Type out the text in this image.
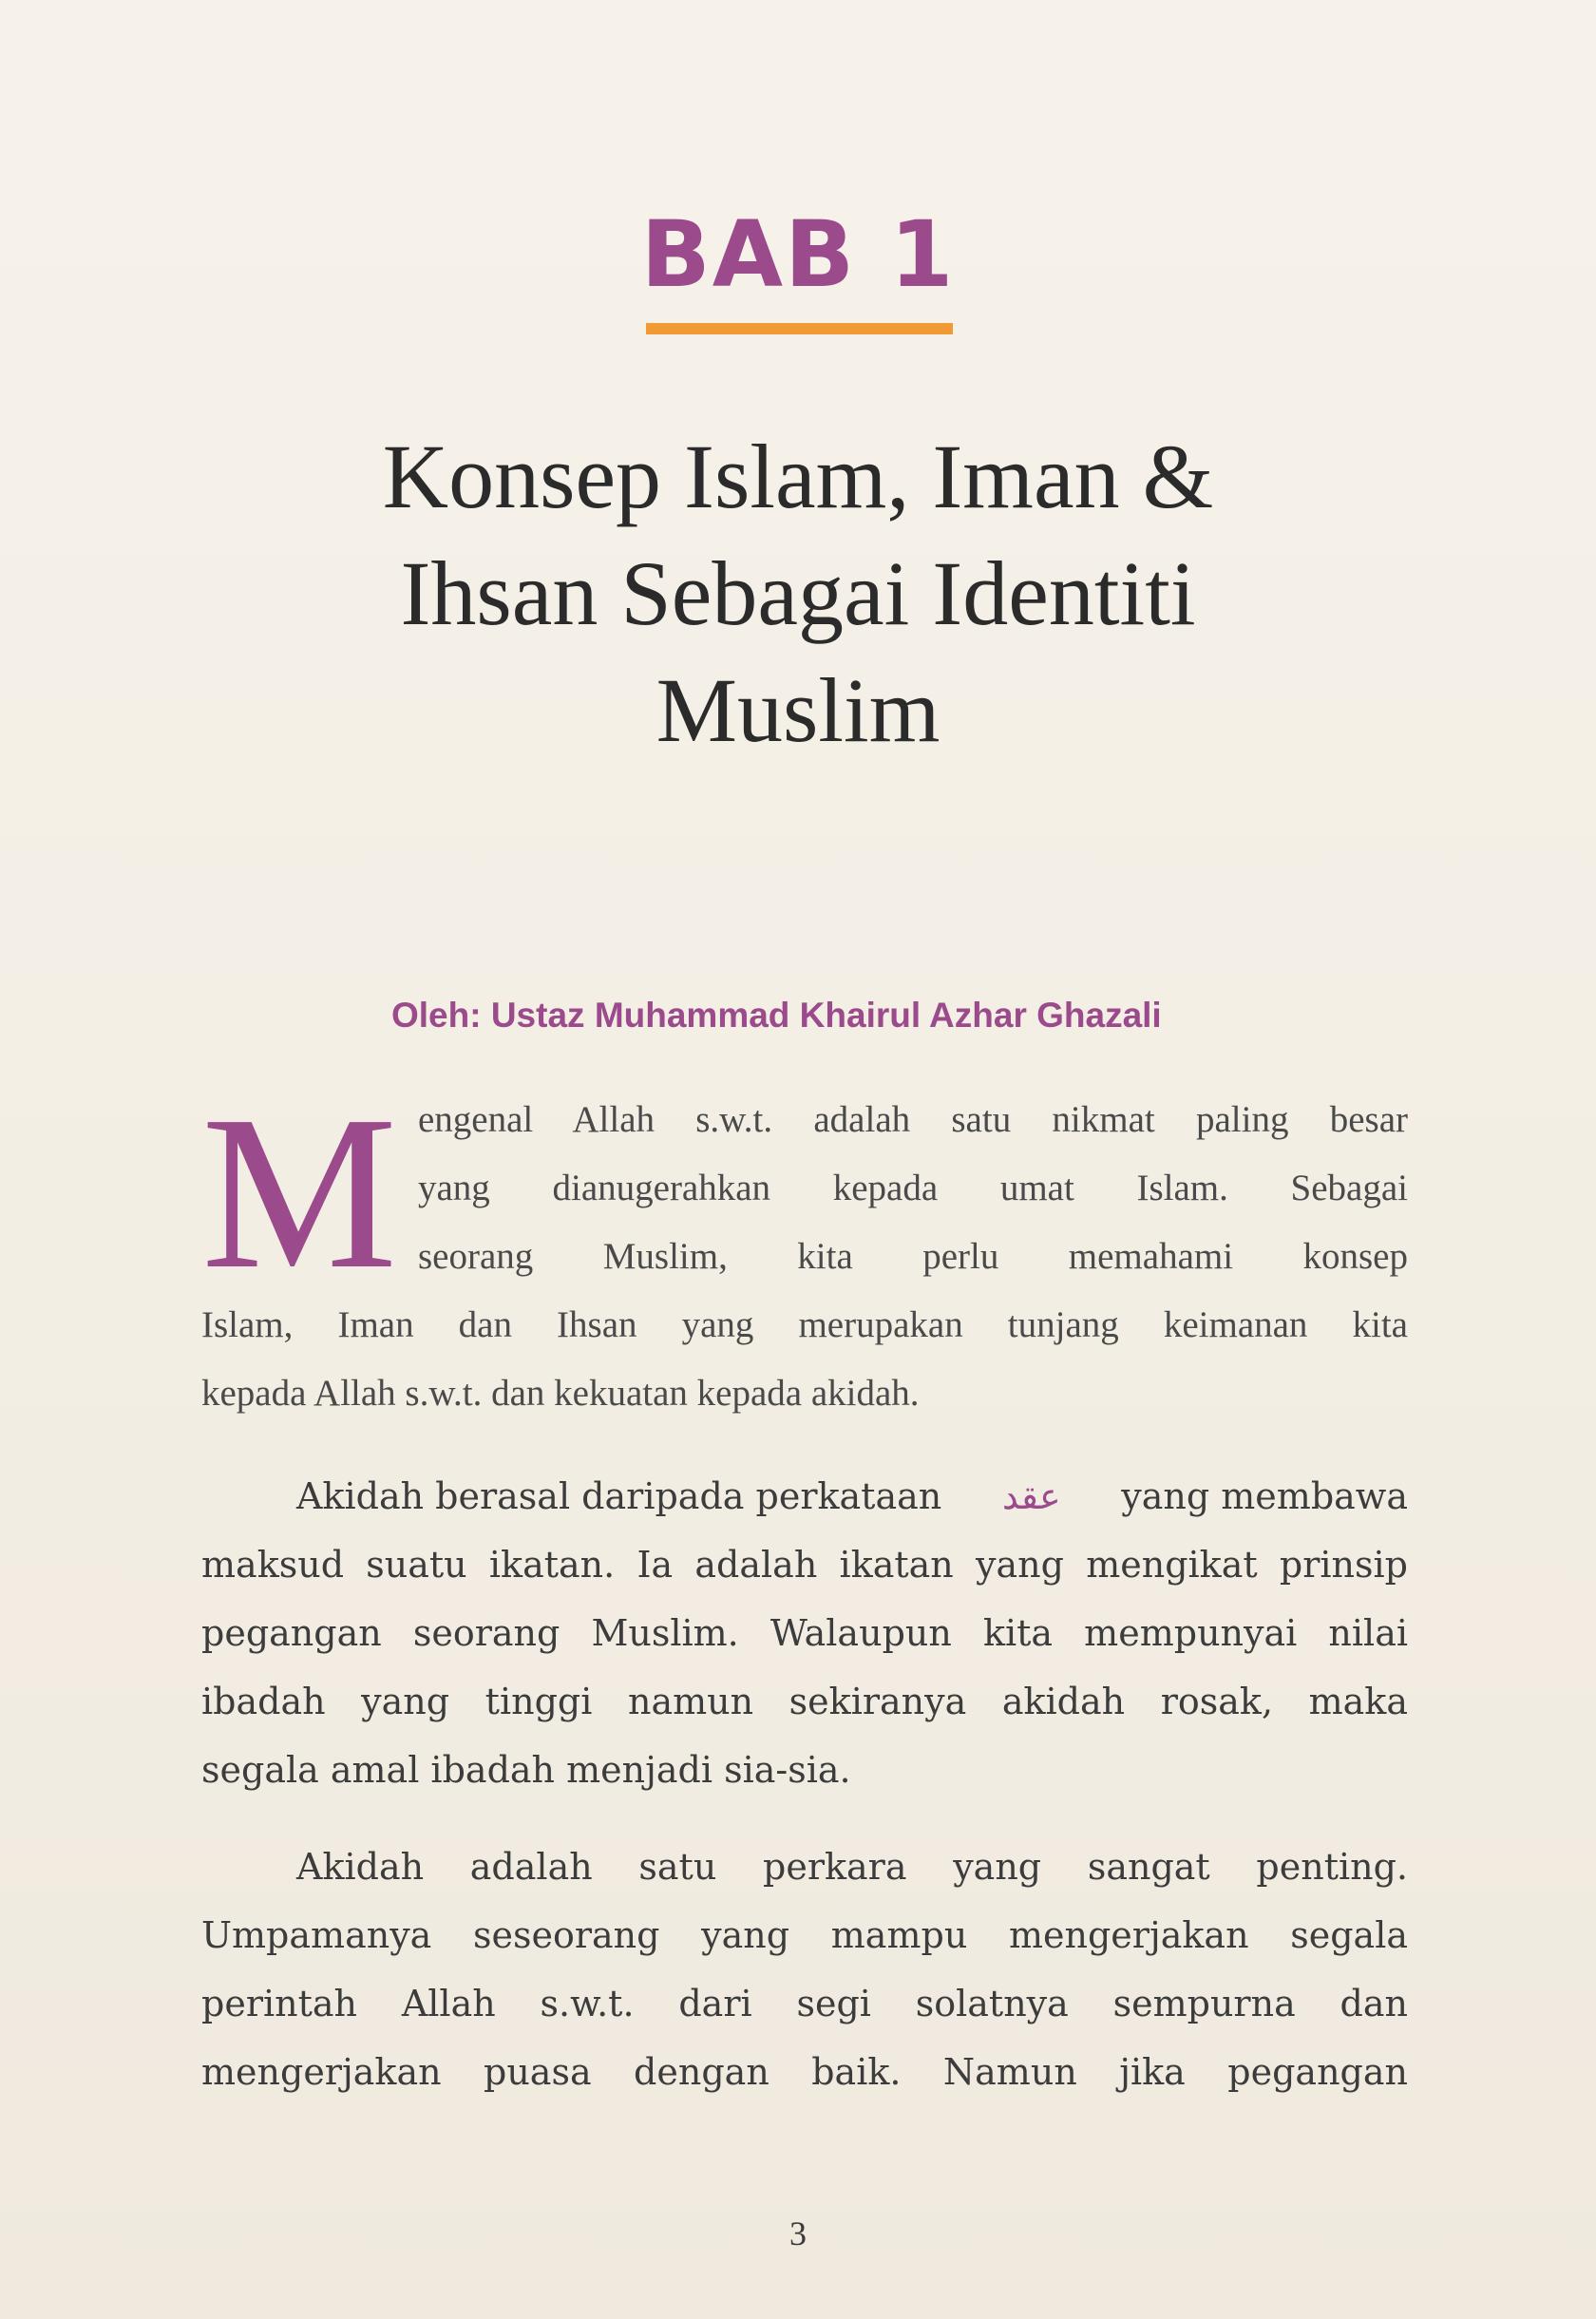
BAB 1
Konsep Islam, Iman &
Ihsan Sebagai Identiti
Muslim
Oleh: Ustaz Muhammad Khairul Azhar Ghazali
M engenal Allah s.w.t. adalah satu nikmat paling besar
yang dianugerahkan kepada umat Islam. Sebagai
seorang Muslim, kita perlu memahami konsep
Islam, Iman dan Ihsan yang merupakan tunjang keimanan kita
kepada Allah s.w.t. dan kekuatan kepada akidah.
Akidah berasal daripada perkataan عقد yang membawa
maksud suatu ikatan. Ia adalah ikatan yang mengikat prinsip
pegangan seorang Muslim. Walaupun kita mempunyai nilai
ibadah yang tinggi namun sekiranya akidah rosak, maka
segala amal ibadah menjadi sia-sia.
Akidah adalah satu perkara yang sangat penting.
Umpamanya seseorang yang mampu mengerjakan segala
perintah Allah s.w.t. dari segi solatnya sempurna dan
mengerjakan puasa dengan baik. Namun jika pegangan
3
